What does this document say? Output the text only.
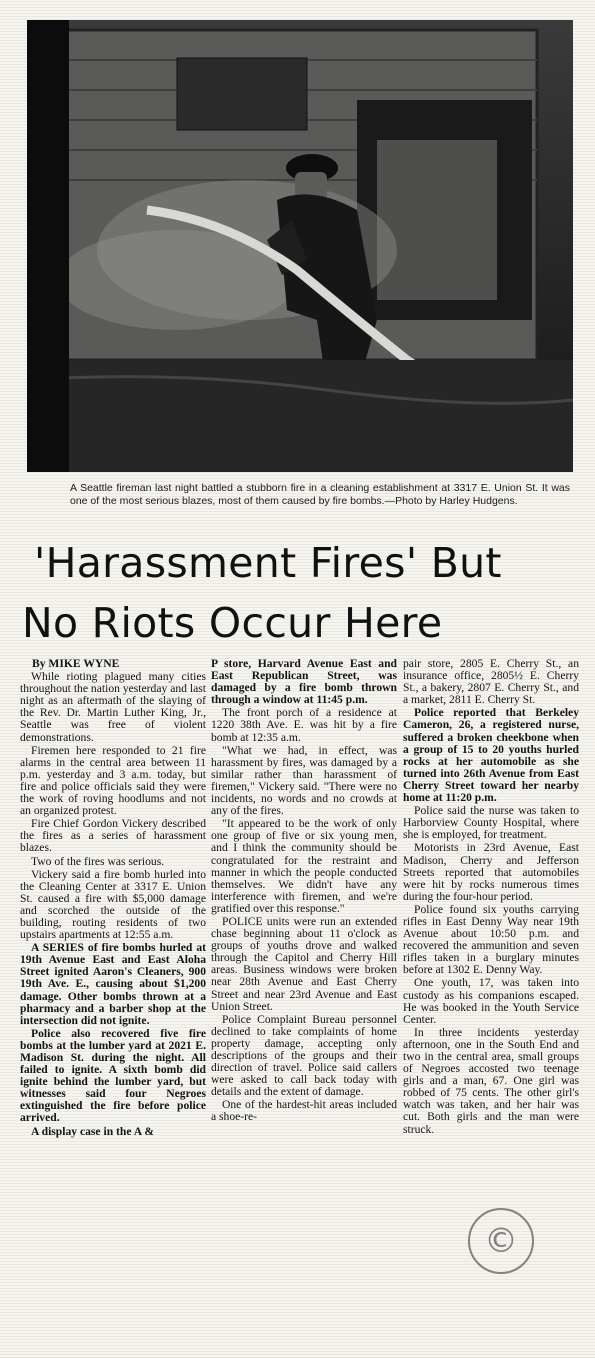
A Seattle fireman last night battled a stubborn fire in a cleaning establishment at 3317 E. Union St. It was one of the most serious blazes, most of them caused by fire bombs.—Photo by Harley Hudgens.
'Harassment Fires' But
No Riots Occur Here
By MIKE WYNE

While rioting plagued many cities throughout the nation yesterday and last night as an aftermath of the slaying of the Rev. Dr. Martin Luther King, Jr., Seattle was free of violent demonstrations.

Firemen here responded to 21 fire alarms in the central area between 11 p.m. yesterday and 3 a.m. today, but fire and police officials said they were the work of roving hoodlums and not an organized protest.

Fire Chief Gordon Vickery described the fires as a series of harassment blazes.

Two of the fires was serious.

Vickery said a fire bomb hurled into the Cleaning Center at 3317 E. Union St. caused a fire with $5,000 damage and scorched the outside of the building, routing residents of two upstairs apartments at 12:55 a.m.

A SERIES of fire bombs hurled at 19th Avenue East and East Aloha Street ignited Aaron's Cleaners, 900 19th Ave. E., causing about $1,200 damage. Other bombs thrown at a pharmacy and a barber shop at the intersection did not ignite.

Police also recovered five fire bombs at the lumber yard at 2021 E. Madison St. during the night. All failed to ignite. A sixth bomb did ignite behind the lumber yard, but witnesses said four Negroes extinguished the fire before police arrived.

A display case in the A &

P store, Harvard Avenue East and East Republican Street, was damaged by a fire bomb thrown through a window at 11:45 p.m.

The front porch of a residence at 1220 38th Ave. E. was hit by a fire bomb at 12:35 a.m.

"What we had, in effect, was harassment by fires, was damaged by a similar rather than harassment of firemen," Vickery said. "There were no incidents, no words and no crowds at any of the fires.

"It appeared to be the work of only one group of five or six young men, and I think the community should be congratulated for the restraint and manner in which the people conducted themselves. We didn't have any interference with firemen, and we're gratified over this response."

POLICE units were run an extended chase beginning about 11 o'clock as groups of youths drove and walked through the Capitol and Cherry Hill areas. Business windows were broken near 28th Avenue and East Cherry Street and near 23rd Avenue and East Union Street.

Police Complaint Bureau personnel declined to take complaints of home property damage, accepting only descriptions of the groups and their direction of travel. Police said callers were asked to call back today with details and the extent of damage.

One of the hardest-hit areas included a shoe-re-

pair store, 2805 E. Cherry St., an insurance office, 2805½ E. Cherry St., a bakery, 2807 E. Cherry St., and a market, 2811 E. Cherry St.

Police reported that Berkeley Cameron, 26, a registered nurse, suffered a broken cheekbone when a group of 15 to 20 youths hurled rocks at her automobile as she turned into 26th Avenue from East Cherry Street toward her nearby home at 11:20 p.m.

Police said the nurse was taken to Harborview County Hospital, where she is employed, for treatment.

Motorists in 23rd Avenue, East Madison, Cherry and Jefferson Streets reported that automobiles were hit by rocks numerous times during the four-hour period.

Police found six youths carrying rifles in East Denny Way near 19th Avenue about 10:50 p.m. and recovered the ammunition and seven rifles taken in a burglary minutes before at 1302 E. Denny Way.

One youth, 17, was taken into custody as his companions escaped. He was booked in the Youth Service Center.

In three incidents yesterday afternoon, one in the South End and two in the central area, small groups of Negroes accosted two teenage girls and a man, 67. One girl was robbed of 75 cents. The other girl's watch was taken, and her hair was cut. Both girls and the man were struck.

©
